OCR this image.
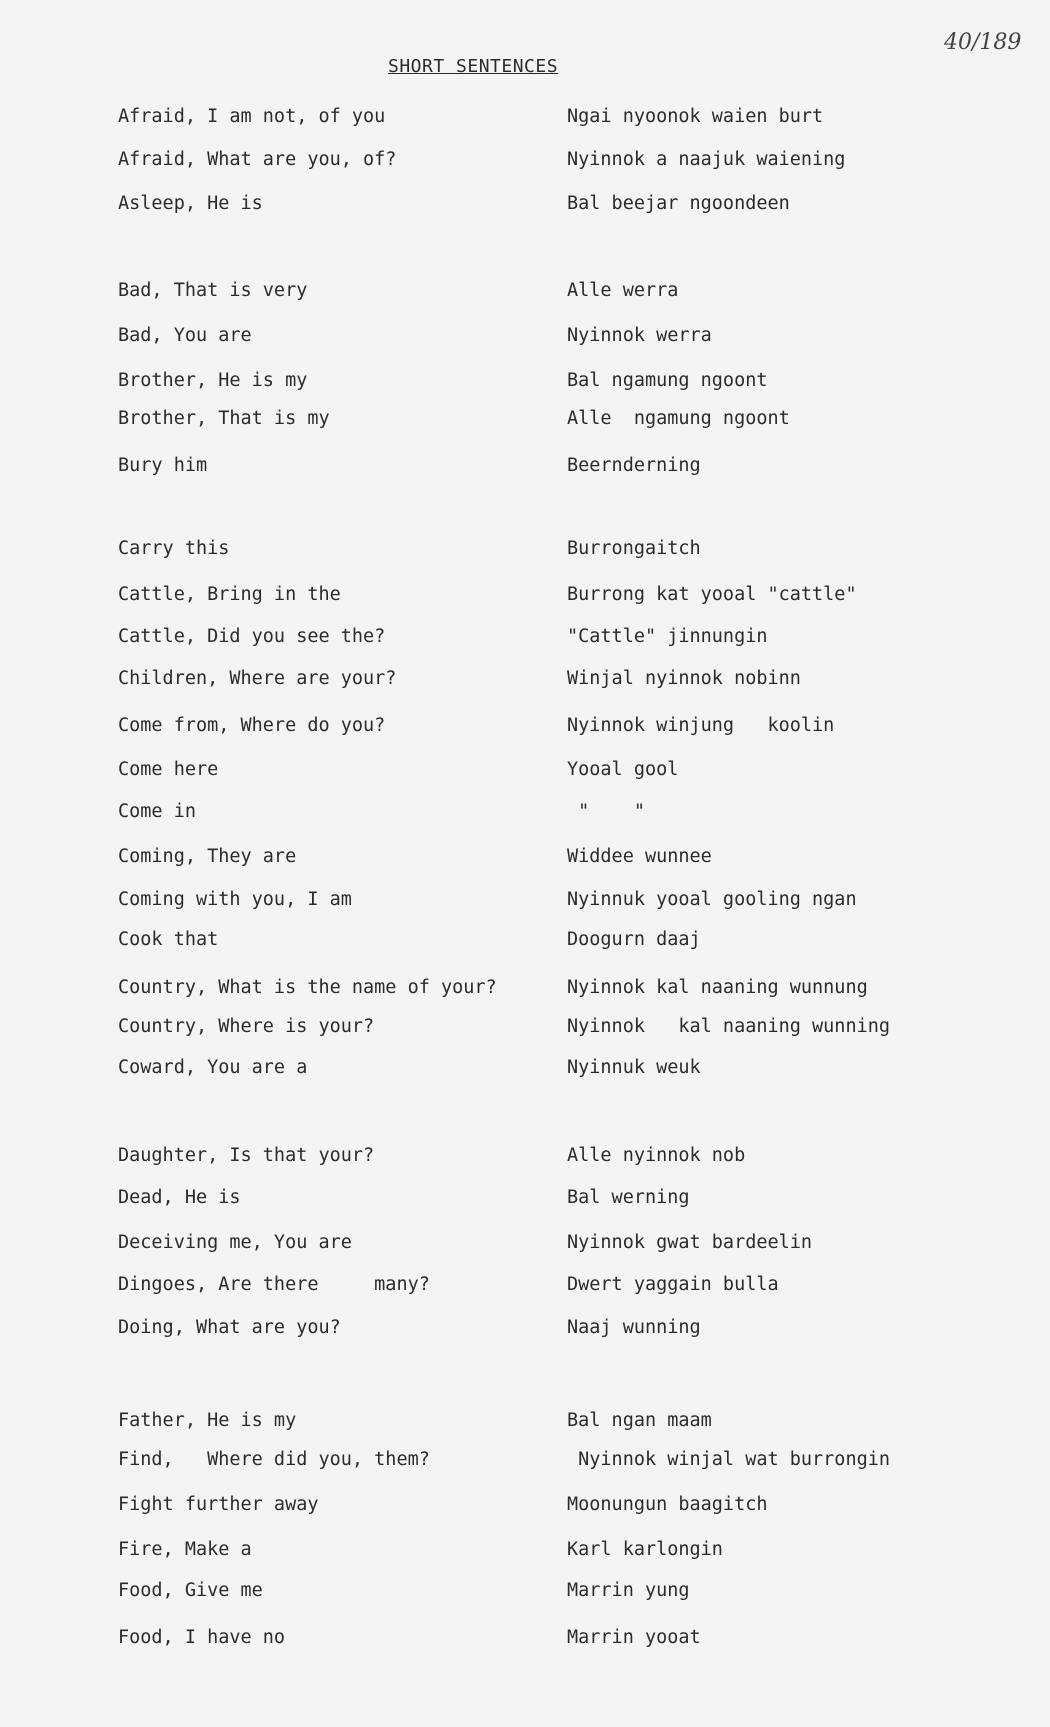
40/189
SHORT SENTENCES
Afraid, I am not, of you	Ngai nyoonok waien burt
Afraid, What are you, of?	Nyinnok a naajuk waiening
Asleep, He is	Bal beejar ngoondeen
Bad, That is very	Alle werra
Bad, You are	Nyinnok werra
Brother, He is my	Bal ngamung ngoont
Brother, That is my	Alle  ngamung ngoont
Bury him	Beernderning
Carry this	Burrongaitch
Cattle, Bring in the	Burrong kat yooal "cattle"
Cattle, Did you see the?	"Cattle" jinnungin
Children, Where are your?	Winjal nyinnok nobinn
Come from, Where do you?	Nyinnok winjung   koolin
Come here	Yooal gool
Come in	"    "
Coming, They are	Widdee wunnee
Coming with you, I am	Nyinnuk yooal gooling ngan
Cook that	Doogurn daaj
Country, What is the name of your?	Nyinnok kal naaning wunnung
Country, Where is your?	Nyinnok   kal naaning wunning
Coward, You are a	Nyinnuk weuk
Daughter, Is that your?	Alle nyinnok nob
Dead, He is	Bal werning
Deceiving me, You are	Nyinnok gwat bardeelin
Dingoes, Are there     many?	Dwert yaggain bulla
Doing, What are you?	Naaj wunning
Father, He is my	Bal ngan maam
Find,   Where did you, them?	Nyinnok winjal wat burrongin
Fight further away	Moonungun baagitch
Fire, Make a	Karl karlongin
Food, Give me	Marrin yung
Food, I have no	Marrin yooat
